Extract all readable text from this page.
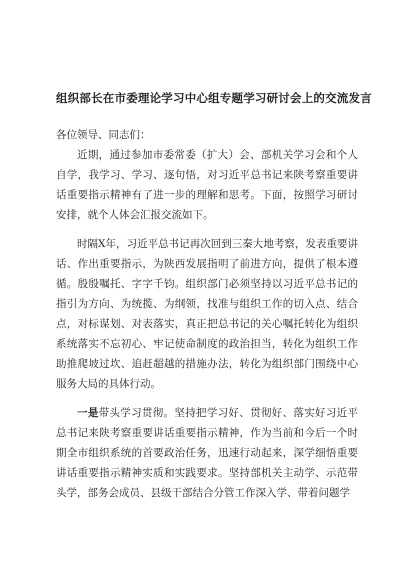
组织部长在市委理论学习中心组专题学习研讨会上的交流发言

各位领导、同志们：

近期，通过参加市委常委（扩大）会、部机关学习会和个人自学，我学习、学习、逐句悟，对习近平总书记来陕考察重要讲话重要指示精神有了进一步的理解和思考。下面，按照学习研讨安排，就个人体会汇报交流如下。

时隔X年，习近平总书记再次回到三秦大地考察，发表重要讲话、作出重要指示，为陕西发展指明了前进方向，提供了根本遵循。殷殷嘱托、字字千钧。组织部门必须坚持以习近平总书记的指引为方向、为统揽、为纲领，找准与组织工作的切入点、结合点，对标谋划、对表落实，真正把总书记的关心嘱托转化为组织系统落实不忘初心、牢记使命制度的政治担当，转化为组织工作助推爬坡过坎、追赶超越的措施办法，转化为组织部门围绕中心服务大局的具体行动。

一是带头学习贯彻。坚持把学习好、贯彻好、落实好习近平总书记来陕考察重要讲话重要指示精神，作为当前和今后一个时期全市组织系统的首要政治任务，迅速行动起来，深学细悟重要讲话重要指示精神实质和实践要求。坚持部机关主动学、示范带头学，部务会成员、县级干部结合分管工作深入学、带着问题学
